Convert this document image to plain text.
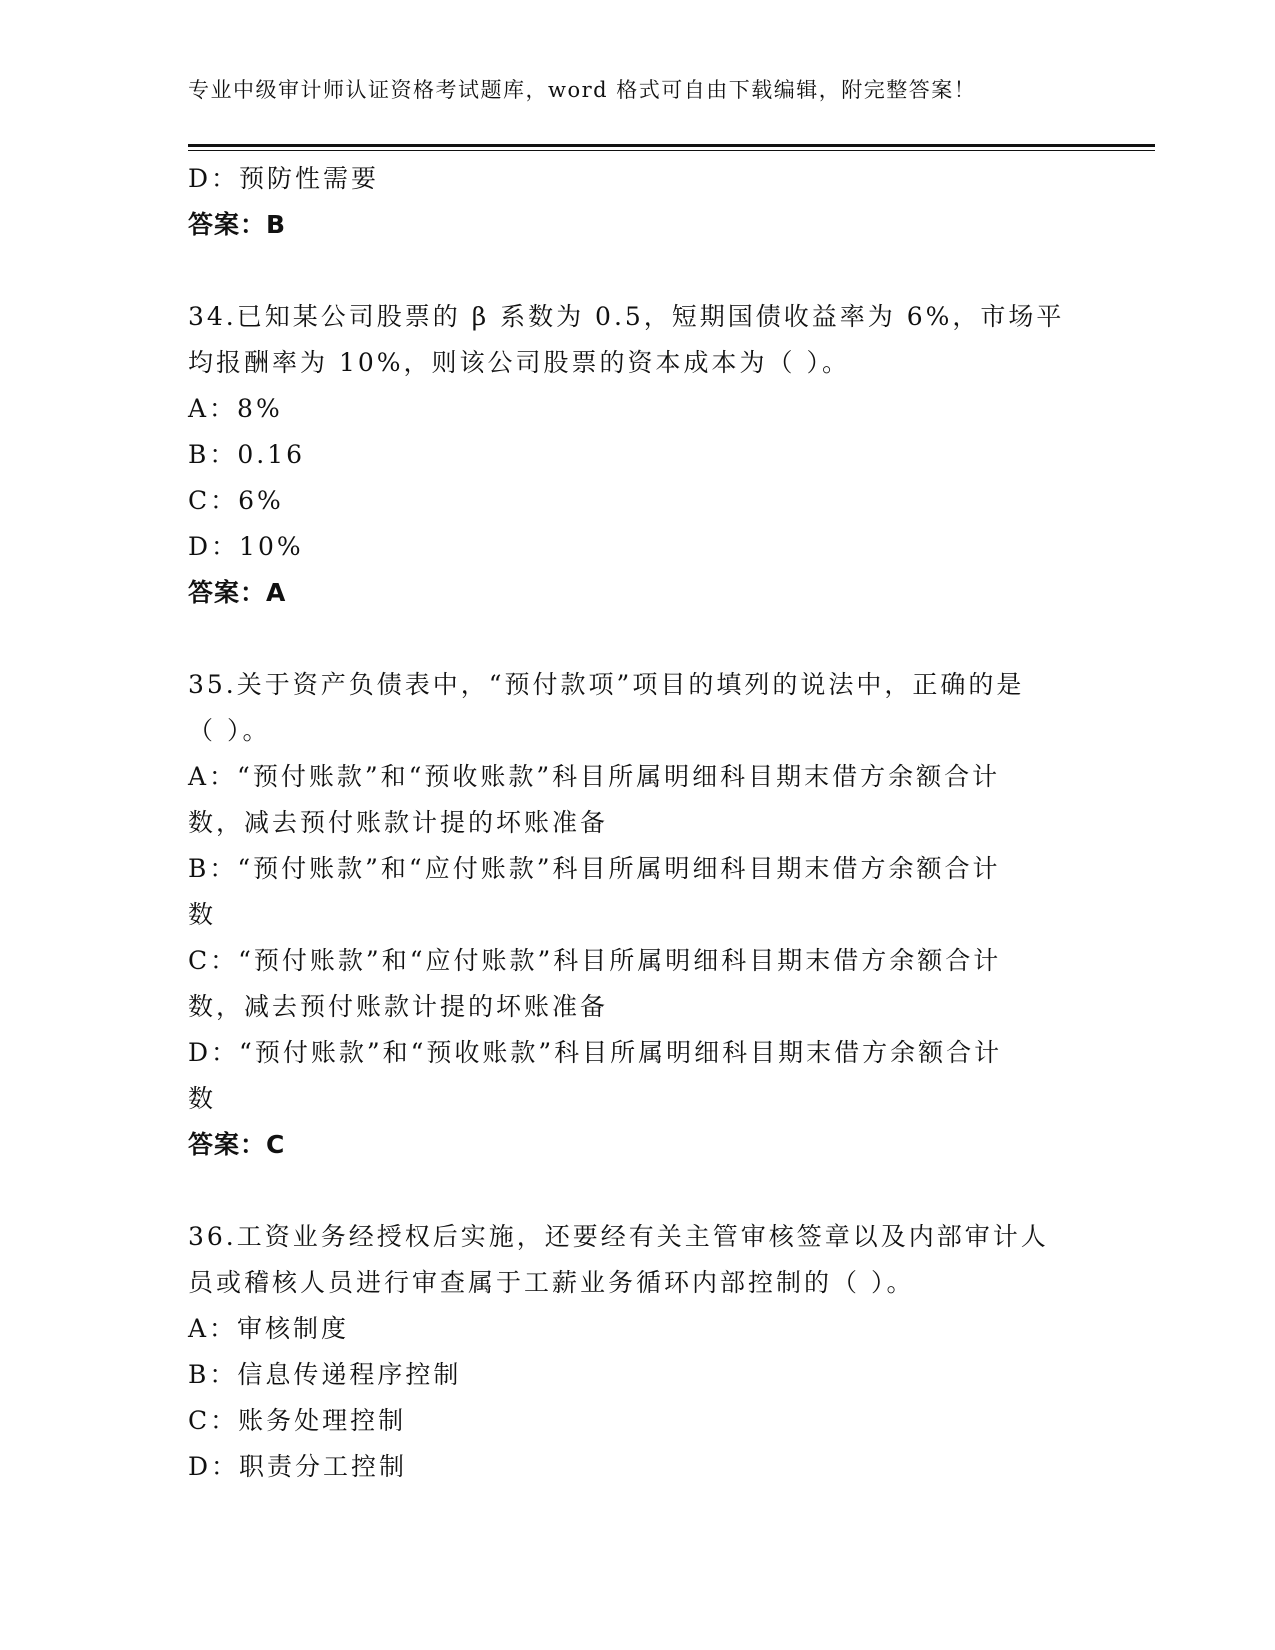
专业中级审计师认证资格考试题库，word 格式可自由下载编辑，附完整答案！
D：预防性需要
答案：B
34.已知某公司股票的 β 系数为 0.5，短期国债收益率为 6%，市场平
均报酬率为 10%，则该公司股票的资本成本为（ ）。
A：8%
B：0.16
C：6%
D：10%
答案：A
35.关于资产负债表中，“预付款项”项目的填列的说法中，正确的是
（ ）。
A：“预付账款”和“预收账款”科目所属明细科目期末借方余额合计
数，减去预付账款计提的坏账准备
B：“预付账款”和“应付账款”科目所属明细科目期末借方余额合计
数
C：“预付账款”和“应付账款”科目所属明细科目期末借方余额合计
数，减去预付账款计提的坏账准备
D：“预付账款”和“预收账款”科目所属明细科目期末借方余额合计
数
答案：C
36.工资业务经授权后实施，还要经有关主管审核签章以及内部审计人
员或稽核人员进行审查属于工薪业务循环内部控制的（ ）。
A：审核制度
B：信息传递程序控制
C：账务处理控制
D：职责分工控制
